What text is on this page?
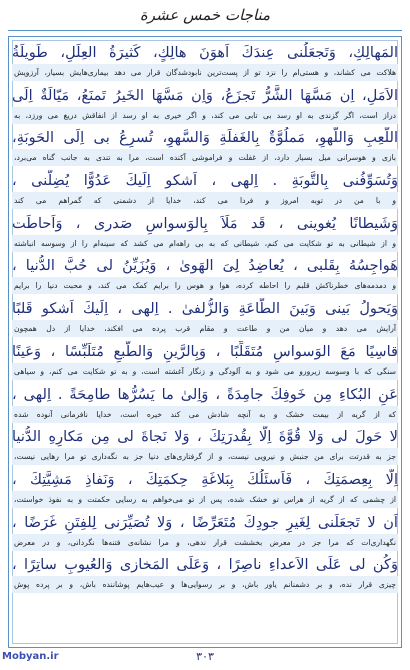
مناجات خمس عشرة
المَهالِكِ، وَتَجعَلُنى عِندَكَ اَهوَنَ هالِكٍ، كَثيرَةُ العِلَلِ، طَويلَةُ
هلاکت می کشاند، و هستی‌ام را نزد تو از پست‌ترین نابودشدگان قرار می دهد بیماری‌هایش بسیار، آرزویش
الاَمَلِ، اِن مَسَّهَا الشَّرُّ تَجزَعُ، وَاِن مَسَّهَا الخَيرُ تَمنَعُ، مَيّالَةٌ اِلَى
دراز است، اگر گزندی به او رسد بی تابی می کند، و اگر خیری به او رسد از انفاقش دریغ می ورزد، به
اللَّعِبِ وَاللَّهوِ، مَملُوَّةٌ بِالغَفلَةِ وَالسَّهوِ، تُسرِعُ بى اِلَى الحَوبَةِ،
بازی و هوسرانی میل بسیار دارد، از غفلت و فراموشی آکنده است، مرا به تندی به جانب گناه می‌برد،
وَتُسَوِّفُنى بِالتَّوبَةِ . اِلهى ، اَشكو اِلَيكَ عَدُوًّا يُضِلُّنى ،
و با من در توبه امروز و فردا می کند، خدایا از دشمنی که گمراهم می کند
وَشَيطانًا يُغوينى ، قَد مَلَاَ بِالوَسواسِ صَدرى ، وَاَحاطَت
و از شیطانی به تو شکایت می کنم، شیطانی که به بی راهه‌ام می کشد که سینه‌ام را از وسوسه انباشته
هَواجِسُهُ بِقَلبى ، يُعاضِدُ لِىَ الهَوىٰ ، وَيُزَيِّنُ لى حُبَّ الدُّنيا ،
و دمدمه‌های خطرناکش قلبم را احاطه کرده، هوا و هوس را برایم کمک می کند، و محبت دنیا را برایم
وَيَحولُ بَينى وَبَينَ الطّاعَةِ وَالزُّلفىٰ . اِلهى ، اِلَيكَ اَشكو قَلبًا
آرایش می دهد و میان من و طاعت و مقام قرب پرده می افکند، خدایا از دل همچون
قاسِيًا مَعَ الوَسواسِ مُتَقَلِّبًا ، وَبِالرَّينِ وَالطَّبعِ مُتَلَبِّسًا ، وَعَينًا
سنگی که با وسوسه زیرورو می شود و به آلودگی و زنگار آغشته است، و به تو شکایت می کنم، و سیاهی
عَنِ البُكاءِ مِن خَوفِكَ جامِدَةً ، وَاِلىٰ ما يَسُرُّها طامِحَةً . اِلهى ،
که از گریه از بیمت خشک و به آنچه شادش می کند خیره است، خدایا نافرمانی آنوده شده
لا حَولَ لى وَلا قُوَّةَ اِلّا بِقُدرَتِكَ ، وَلا نَجاةَ لى مِن مَكارِهِ الدُّنيا
جز به قدرتت برای من جنبش و نیرویی نیست، و از گرفتاری‌های دنیا جز به نگه‌داری تو مرا رهایی نیست،
اِلّا بِعِصمَتِكَ ، فَاَسئَلُكَ بِبَلاغَةِ حِكمَتِكَ ، وَنَفاذِ مَشِيَّتِكَ ،
از چشمی که از گریه از هراس تو خشک شده، پس از تو می‌خواهم به رسایی حکمتت و به نفوذ خواستت،
اَن لا تَجعَلَنى لِغَيرِ جودِكَ مُتَعَرِّضًا ، وَلا تُصَيِّرَنى لِلفِتَنِ غَرَضًا ،
نگهداری‌ات که مرا جز در معرض بخششت قرار ندهی، و مرا نشانه‌ی فتنه‌ها نگردانی، و در معرض
وَكُن لى عَلَى الاَعداءِ ناصِرًا ، وَعَلَى المَخازى وَالعُيوبِ ساتِرًا ،
چیزی قرار نده، و بر دشمنانم یاور باش، و بر رسوایی‌ها و عیب‌هایم پوشاننده باش، و بر پرده پوش
۳۰۳
Mobyan.ir
